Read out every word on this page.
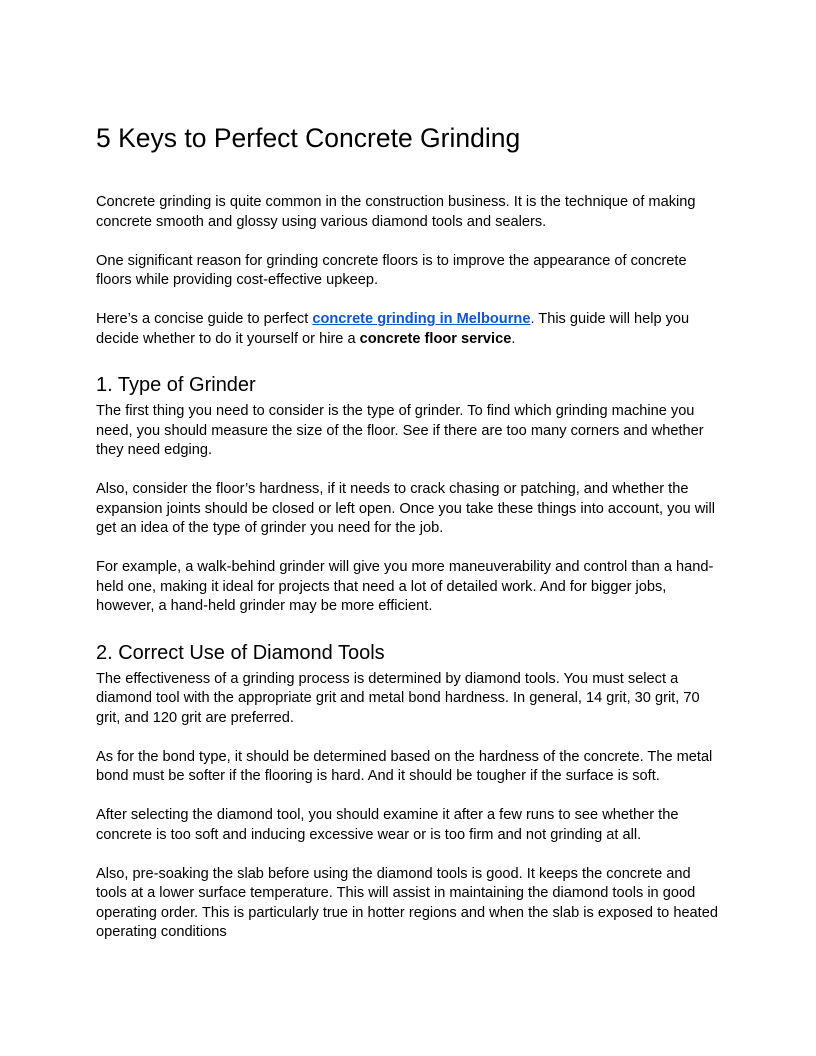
5 Keys to Perfect Concrete Grinding

Concrete grinding is quite common in the construction business. It is the technique of making concrete smooth and glossy using various diamond tools and sealers.

One significant reason for grinding concrete floors is to improve the appearance of concrete floors while providing cost-effective upkeep.

Here’s a concise guide to perfect concrete grinding in Melbourne. This guide will help you decide whether to do it yourself or hire a concrete floor service.

1. Type of Grinder

The first thing you need to consider is the type of grinder. To find which grinding machine you need, you should measure the size of the floor. See if there are too many corners and whether they need edging.

Also, consider the floor’s hardness, if it needs to crack chasing or patching, and whether the expansion joints should be closed or left open. Once you take these things into account, you will get an idea of the type of grinder you need for the job.

For example, a walk-behind grinder will give you more maneuverability and control than a hand-held one, making it ideal for projects that need a lot of detailed work. And for bigger jobs, however, a hand-held grinder may be more efficient.

2. Correct Use of Diamond Tools

The effectiveness of a grinding process is determined by diamond tools. You must select a diamond tool with the appropriate grit and metal bond hardness. In general, 14 grit, 30 grit, 70 grit, and 120 grit are preferred.

As for the bond type, it should be determined based on the hardness of the concrete. The metal bond must be softer if the flooring is hard. And it should be tougher if the surface is soft.

After selecting the diamond tool, you should examine it after a few runs to see whether the concrete is too soft and inducing excessive wear or is too firm and not grinding at all.

Also, pre-soaking the slab before using the diamond tools is good. It keeps the concrete and tools at a lower surface temperature. This will assist in maintaining the diamond tools in good operating order. This is particularly true in hotter regions and when the slab is exposed to heated operating conditions
